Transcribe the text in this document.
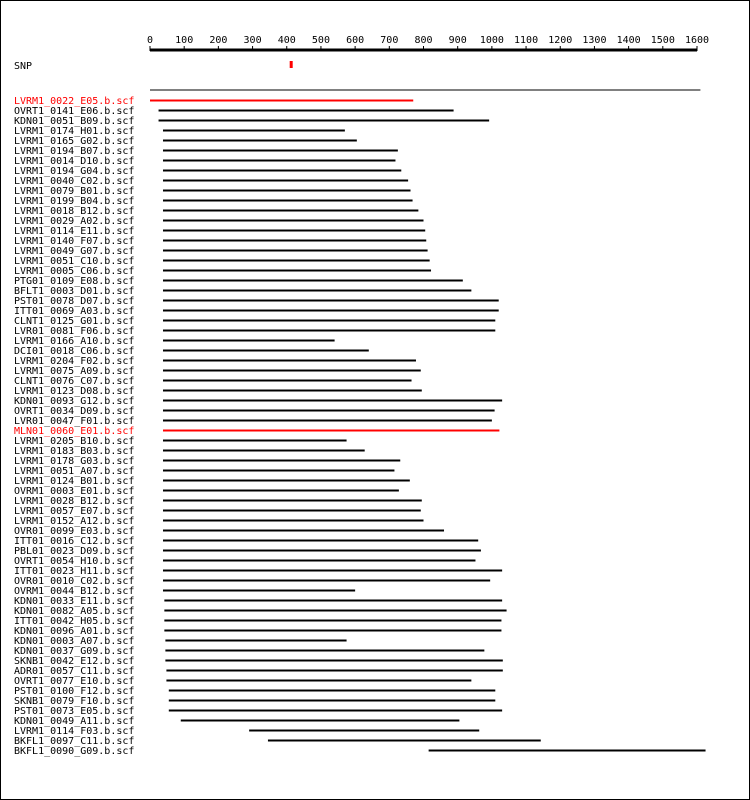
0 100 200 300 400 500 600 700 800 900 1000 1100 1200 1300 1400 1500 1600
SNP
LVRM1_0022_E05.b.scf
OVRT1_0141_E06.b.scf
KDN01_0051_B09.b.scf
LVRM1_0174_H01.b.scf
LVRM1_0165_G02.b.scf
LVRM1_0194_B07.b.scf
LVRM1_0014_D10.b.scf
LVRM1_0194_G04.b.scf
LVRM1_0040_C02.b.scf
LVRM1_0079_B01.b.scf
LVRM1_0199_B04.b.scf
LVRM1_0018_B12.b.scf
LVRM1_0029_A02.b.scf
LVRM1_0114_E11.b.scf
LVRM1_0140_F07.b.scf
LVRM1_0049_G07.b.scf
LVRM1_0051_C10.b.scf
LVRM1_0005_C06.b.scf
PTG01_0109_E08.b.scf
BFLT1_0003_D01.b.scf
PST01_0078_D07.b.scf
ITT01_0069_A03.b.scf
CLNT1_0125_G01.b.scf
LVR01_0081_F06.b.scf
LVRM1_0166_A10.b.scf
DCI01_0018_C06.b.scf
LVRM1_0204_F02.b.scf
LVRM1_0075_A09.b.scf
CLNT1_0076_C07.b.scf
LVRM1_0123_D08.b.scf
KDN01_0093_G12.b.scf
OVRT1_0034_D09.b.scf
LVR01_0047_F01.b.scf
MLN01_0060_E01.b.scf
LVRM1_0205_B10.b.scf
LVRM1_0183_B03.b.scf
LVRM1_0178_G03.b.scf
LVRM1_0051_A07.b.scf
LVRM1_0124_B01.b.scf
OVRM1_0003_E01.b.scf
LVRM1_0028_B12.b.scf
LVRM1_0057_E07.b.scf
LVRM1_0152_A12.b.scf
OVR01_0099_E03.b.scf
ITT01_0016_C12.b.scf
PBL01_0023_D09.b.scf
OVRT1_0054_H10.b.scf
ITT01_0023_H11.b.scf
OVR01_0010_C02.b.scf
OVRM1_0044_B12.b.scf
KDN01_0033_E11.b.scf
KDN01_0082_A05.b.scf
ITT01_0042_H05.b.scf
KDN01_0096_A01.b.scf
KDN01_0003_A07.b.scf
KDN01_0037_G09.b.scf
SKNB1_0042_E12.b.scf
ADR01_0057_C11.b.scf
OVRT1_0077_E10.b.scf
PST01_0100_F12.b.scf
SKNB1_0079_F10.b.scf
PST01_0073_E05.b.scf
KDN01_0049_A11.b.scf
LVRM1_0114_F03.b.scf
BKFL1_0097_C11.b.scf
BKFL1_0090_G09.b.scf
